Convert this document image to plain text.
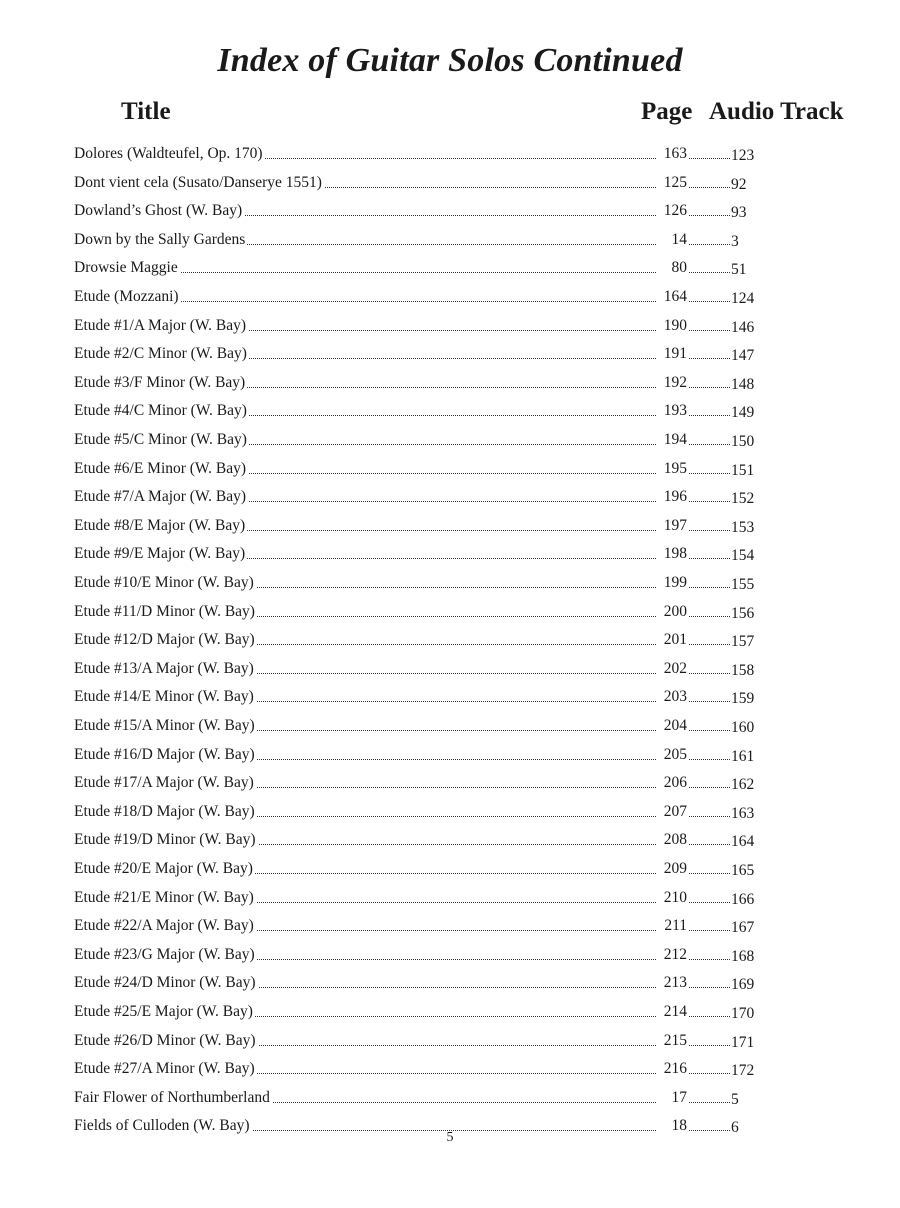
Index of Guitar Solos Continued
Title	Page Audio Track
Dolores (Waldteufel, Op. 170)	163	123
Dont vient cela (Susato/Danserye 1551)	125	92
Dowland’s Ghost (W. Bay)	126	93
Down by the Sally Gardens	14	3
Drowsie Maggie	80	51
Etude (Mozzani)	164	124
Etude #1/A Major (W. Bay)	190	146
Etude #2/C Minor (W. Bay)	191	147
Etude #3/F Minor (W. Bay)	192	148
Etude #4/C Minor (W. Bay)	193	149
Etude #5/C Minor (W. Bay)	194	150
Etude #6/E Minor (W. Bay)	195	151
Etude #7/A Major (W. Bay)	196	152
Etude #8/E Major (W. Bay)	197	153
Etude #9/E Major (W. Bay)	198	154
Etude #10/E Minor (W. Bay)	199	155
Etude #11/D Minor (W. Bay)	200	156
Etude #12/D Major (W. Bay)	201	157
Etude #13/A Major (W. Bay)	202	158
Etude #14/E Minor (W. Bay)	203	159
Etude #15/A Minor (W. Bay)	204	160
Etude #16/D Major (W. Bay)	205	161
Etude #17/A Major (W. Bay)	206	162
Etude #18/D Major (W. Bay)	207	163
Etude #19/D Minor (W. Bay)	208	164
Etude #20/E Major (W. Bay)	209	165
Etude #21/E Minor (W. Bay)	210	166
Etude #22/A Major (W. Bay)	211	167
Etude #23/G Major (W. Bay)	212	168
Etude #24/D Minor (W. Bay)	213	169
Etude #25/E Major (W. Bay)	214	170
Etude #26/D Minor (W. Bay)	215	171
Etude #27/A Minor (W. Bay)	216	172
Fair Flower of Northumberland	17	5
Fields of Culloden (W. Bay)	18	6
5
